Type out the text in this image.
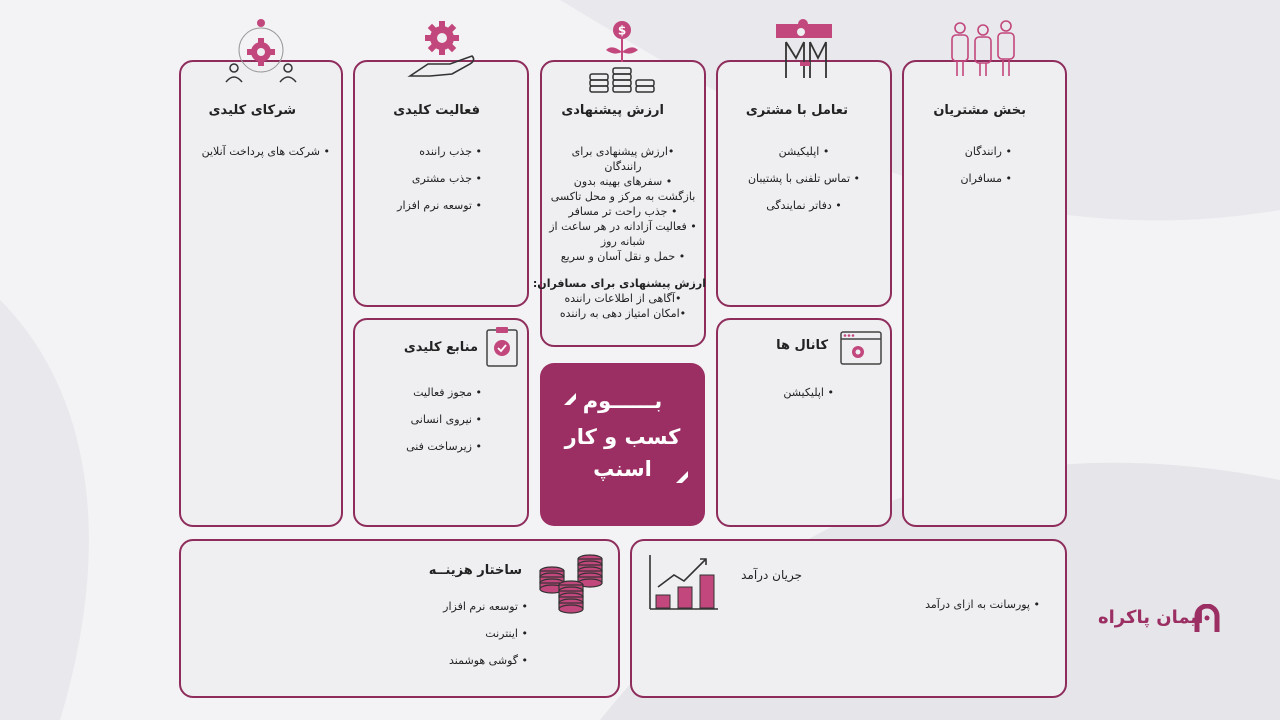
بخش مشتریان
• رانندگان
• مسافران
تعامل با مشتری
• اپلیکیشن
• تماس تلفنی با پشتیبان
• دفاتر نمایندگی
کانال ها
• اپلیکیشن
$
ارزش پیشنهادی
•ارزش پیشنهادی برای
رانندگان
• سفرهای بهینه بدون
بازگشت به مرکز و محل تاکسی
• جذب راحت تر مسافر
• فعالیت آزادانه در هر ساعت از
شبانه روز
• حمل و نقل آسان و سریع
ارزش پیشنهادی برای مسافران:
•آگاهی از اطلاعات راننده
•امکان امتیاز دهی به راننده
بــــــوم
کسب و کار
اسنپ
فعالیت کلیدی
• جذب راننده
• جذب مشتری
• توسعه نرم افزار
منابع کلیدی
• مجوز فعالیت
• نیروی انسانی
• زیرساخت فنی
شرکای کلیدی
• شرکت های پرداخت آنلاین
ساختار هزینــه
• توسعه نرم افزار
• اینترنت
• گوشی هوشمند
جریان درآمد
• پورسانت به ازای درآمد
ایمان پاکراه
